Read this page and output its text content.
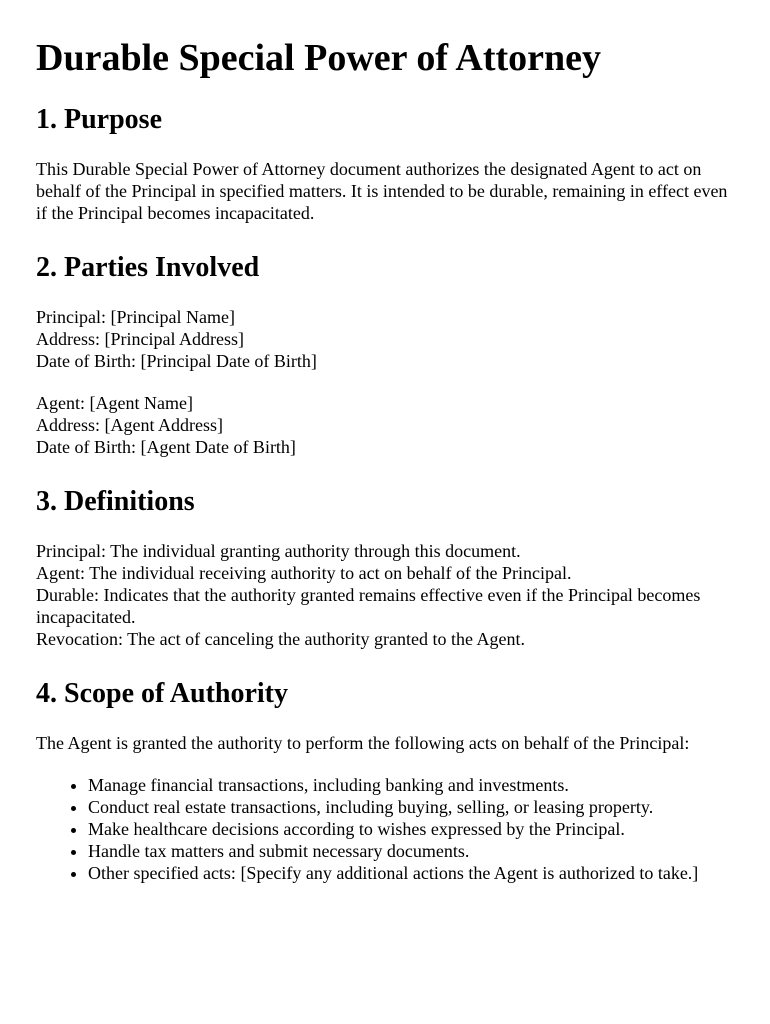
Durable Special Power of Attorney
1. Purpose

This Durable Special Power of Attorney document authorizes the designated Agent to act on behalf of the Principal in specified matters. It is intended to be durable, remaining in effect even if the Principal becomes incapacitated.

2. Parties Involved
Principal: [Principal Name]
Address: [Principal Address]
Date of Birth: [Principal Date of Birth]
Agent: [Agent Name]
Address: [Agent Address]
Date of Birth: [Agent Date of Birth]
3. Definitions
Principal: The individual granting authority through this document.
Agent: The individual receiving authority to act on behalf of the Principal.
Durable: Indicates that the authority granted remains effective even if the Principal becomes incapacitated.
Revocation: The act of canceling the authority granted to the Agent.
4. Scope of Authority

The Agent is granted the authority to perform the following acts on behalf of the Principal:

• Manage financial transactions, including banking and investments.
• Conduct real estate transactions, including buying, selling, or leasing property.
• Make healthcare decisions according to wishes expressed by the Principal.
• Handle tax matters and submit necessary documents.
• Other specified acts: [Specify any additional actions the Agent is authorized to take.]
